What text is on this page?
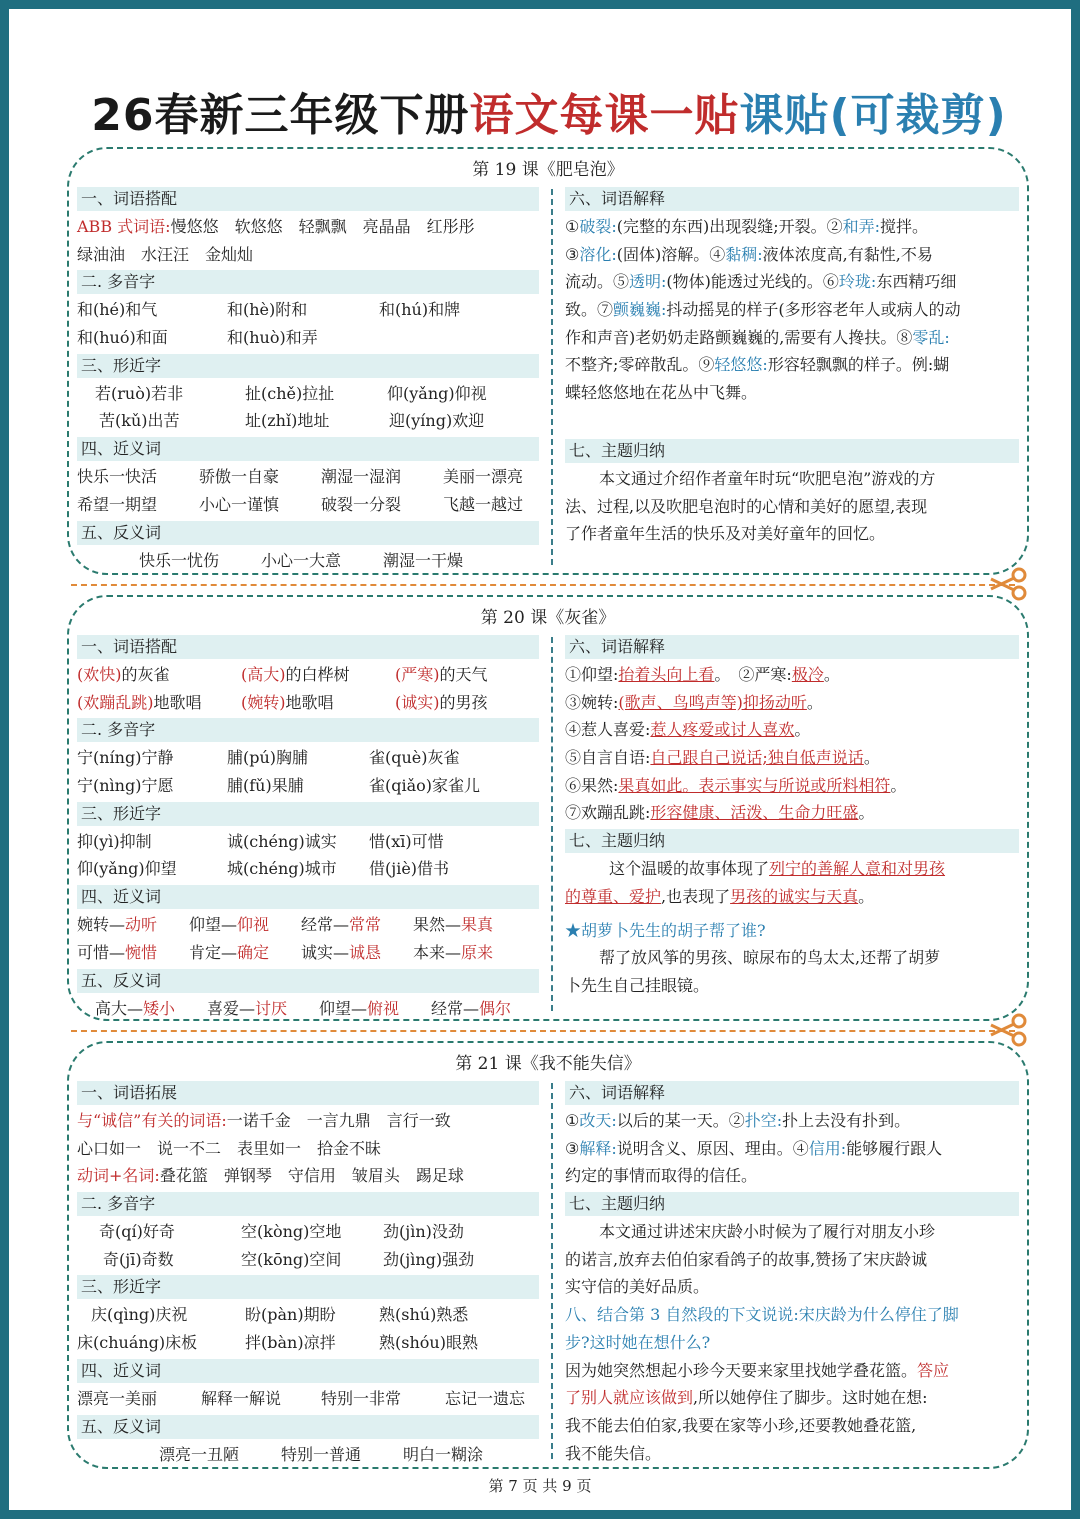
26春新三年级下册语文每课一贴课贴(可裁剪)
第 19 课《肥皂泡》
一、词语搭配
ABB 式词语: 慢悠悠　软悠悠　轻飘飘　亮晶晶　红彤彤
绿油油　水汪汪　金灿灿
二. 多音字
和(hé)和气	和(hè)附和	和(hú)和牌
和(huó)和面	和(huò)和弄
三、形近字
若(ruò)若非	扯(chě)拉扯	仰(yǎng)仰视
苦(kǔ)出苦	址(zhǐ)地址	迎(yíng)欢迎
四、近义词
快乐一快活	骄傲一自豪	潮湿一湿润	美丽一漂亮
希望一期望	小心一谨慎	破裂一分裂	飞越一越过
五、反义词
快乐一忧伤	小心一大意	潮湿一干燥
六、词语解释
① 破裂: (完整的东西)出现裂缝;开裂。② 和弄: 搅拌。
③ 溶化: (固体)溶解。④ 黏稠: 液体浓度高,有黏性,不易
流动。⑤ 透明: (物体)能透过光线的。⑥ 玲珑: 东西精巧细
致。⑦ 颤巍巍: 抖动摇晃的样子(多形容老年人或病人的动
作和声音)老奶奶走路颤巍巍的,需要有人搀扶。⑧ 零乱:
不整齐;零碎散乱。⑨ 轻悠悠: 形容轻飘飘的样子。例:蝴
蝶轻悠悠地在花丛中飞舞。
七、主题归纳
本文通过介绍作者童年时玩“吹肥皂泡”游戏的方
法、过程,以及吹肥皂泡时的心情和美好的愿望,表现
了作者童年生活的快乐及对美好童年的回忆。
第 20 课《灰雀》
一、词语搭配
(欢快)的灰雀	(高大)的白桦树	(严寒)的天气
(欢蹦乱跳)地歌唱	(婉转)地歌唱	(诚实)的男孩
二. 多音字
宁(níng)宁静	脯(pú)胸脯	雀(què)灰雀
宁(nìng)宁愿	脯(fǔ)果脯	雀(qiǎo)家雀儿
三、形近字
抑(yì)抑制	诚(chéng)诚实	惜(xī)可惜
仰(yǎng)仰望	城(chéng)城市	借(jiè)借书
四、近义词
婉转—动听	仰望—仰视	经常—常常	果然—果真
可惜—惋惜	肯定—确定	诚实—诚恳	本来—原来
五、反义词
高大—矮小	喜爱—讨厌	仰望—俯视	经常—偶尔
六、词语解释
①仰望: 抬着头向上看 。　②严寒: 极冷 。
③婉转: (歌声、鸟鸣声等)抑扬动听 。
④惹人喜爱: 惹人疼爱或讨人喜欢 。
⑤自言自语: 自己跟自己说话;独自低声说话 。
⑥果然: 果真如此。表示事实与所说或所料相符 。
⑦欢蹦乱跳: 形容健康、活泼、生命力旺盛 。
七、主题归纳
这个温暖的故事体现了 列宁的善解人意和对男孩
的尊重、爱护 ,也表现了 男孩的诚实与天真 。
★胡萝卜先生的胡子帮了谁?
帮了放风筝的男孩、晾尿布的鸟太太,还帮了胡萝
卜先生自己挂眼镜。
第 21 课《我不能失信》
一、词语拓展
与“诚信”有关的词语: 一诺千金　一言九鼎　言行一致
心口如一　说一不二　表里如一　拾金不昧
动词+名词: 叠花篮　弹钢琴　守信用　皱眉头　踢足球
二. 多音字
奇(qí)好奇	空(kòng)空地	劲(jìn)没劲
奇(jī)奇数	空(kōng)空间	劲(jìng)强劲
三、形近字
庆(qìng)庆祝	盼(pàn)期盼	熟(shú)熟悉
床(chuáng)床板	拌(bàn)凉拌	熟(shóu)眼熟
四、近义词
漂亮一美丽	解释一解说	特别一非常	忘记一遗忘
五、反义词
漂亮一丑陋	特别一普通	明白一糊涂
六、词语解释
① 改天: 以后的某一天。② 扑空: 扑上去没有扑到。
③ 解释: 说明含义、原因、理由。④ 信用: 能够履行跟人
约定的事情而取得的信任。
七、主题归纳
本文通过讲述宋庆龄小时候为了履行对朋友小珍
的诺言,放弃去伯伯家看鸽子的故事,赞扬了宋庆龄诚
实守信的美好品质。
八、结合第 3 自然段的下文说说:宋庆龄为什么停住了脚
步?这时她在想什么?
因为她突然想起小珍今天要来家里找她学叠花篮。 答应
了别人就应该做到 ,所以她停住了脚步。这时她在想:
我不能去伯伯家,我要在家等小珍,还要教她叠花篮,
我不能失信。
第 7 页 共 9 页
